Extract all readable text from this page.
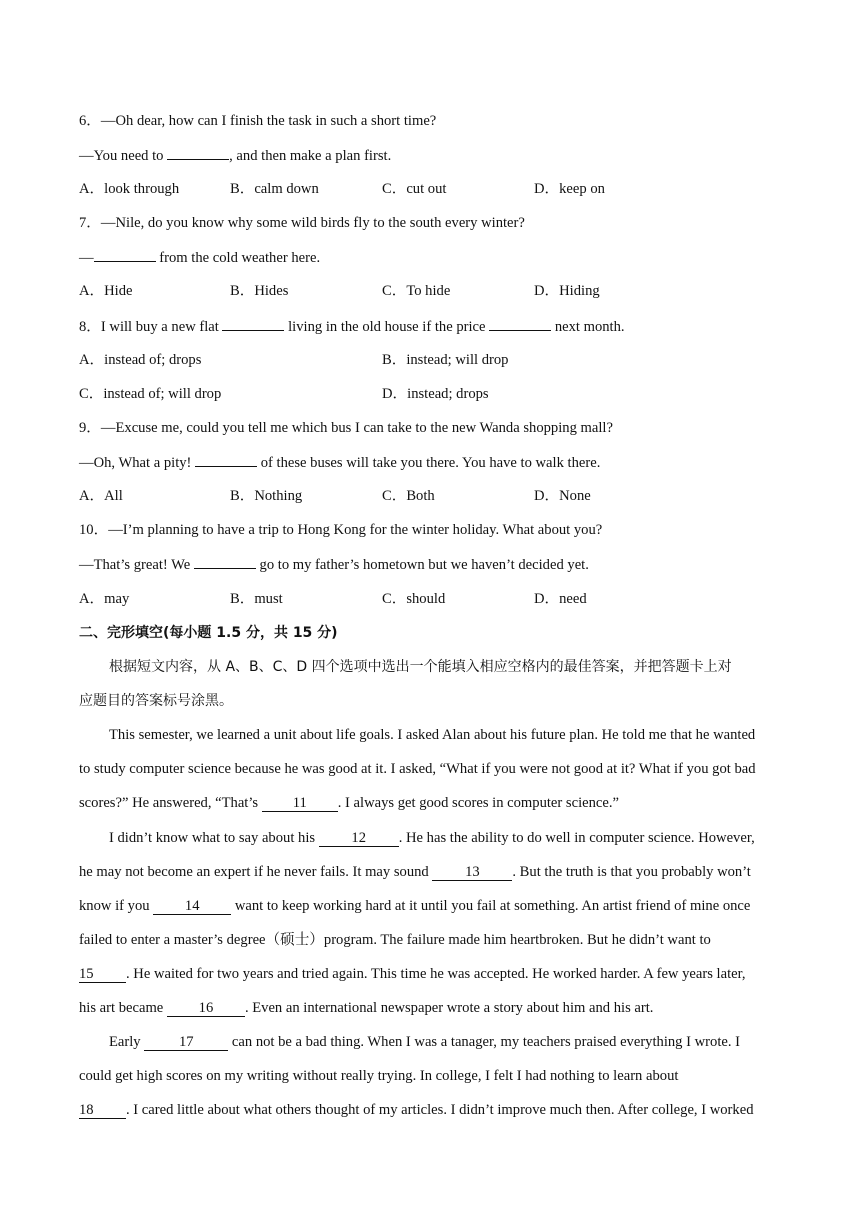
6．—Oh dear, how can I finish the task in such a short time?
—You need to	, and then make a plan first.
A．look through	B．calm down	C．cut out	D．keep on
7．—Nile, do you know why some wild birds fly to the south every winter?
—	from the cold weather here.
A．Hide	B．Hides	C．To hide	D．Hiding
8．I will buy a new flat	living in the old house if the price	next month.
A．instead of; drops	B．instead; will drop
C．instead of; will drop	D．instead; drops
9．—Excuse me, could you tell me which bus I can take to the new Wanda shopping mall?
—Oh, What a pity!	of these buses will take you there. You have to walk there.
A．All	B．Nothing	C．Both	D．None
10．—I’m planning to have a trip to Hong Kong for the winter holiday. What about you?
—That’s great! We	go to my father’s hometown but we haven’t decided yet.
A．may	B．must	C．should	D．need
二、完形填空(每小题 1.5 分，共 15 分)
根据短文内容，从 A、B、C、D 四个选项中选出一个能填入相应空格内的最佳答案，并把答题卡上对
应题目的答案标号涂黑。
This semester, we learned a unit about life goals. I asked Alan about his future plan. He told me that he wanted
to study computer science because he was good at it. I asked, “What if you were not good at it? What if you got bad
scores?” He answered, “That’s 11 . I always get good scores in computer science.”
I didn’t know what to say about his 12 . He has the ability to do well in computer science. However,
he may not become an expert if he never fails. It may sound 13 . But the truth is that you probably won’t
know if you 14 want to keep working hard at it until you fail at something. An artist friend of mine once
failed to enter a master’s degree（硕士）program. The failure made him heartbroken. But he didn’t want to
15 . He waited for two years and tried again. This time he was accepted. He worked harder. A few years later,
his art became 16 . Even an international newspaper wrote a story about him and his art.
Early 17 can not be a bad thing. When I was a tanager, my teachers praised everything I wrote. I
could get high scores on my writing without really trying. In college, I felt I had nothing to learn about
18 . I cared little about what others thought of my articles. I didn’t improve much then. After college, I worked
